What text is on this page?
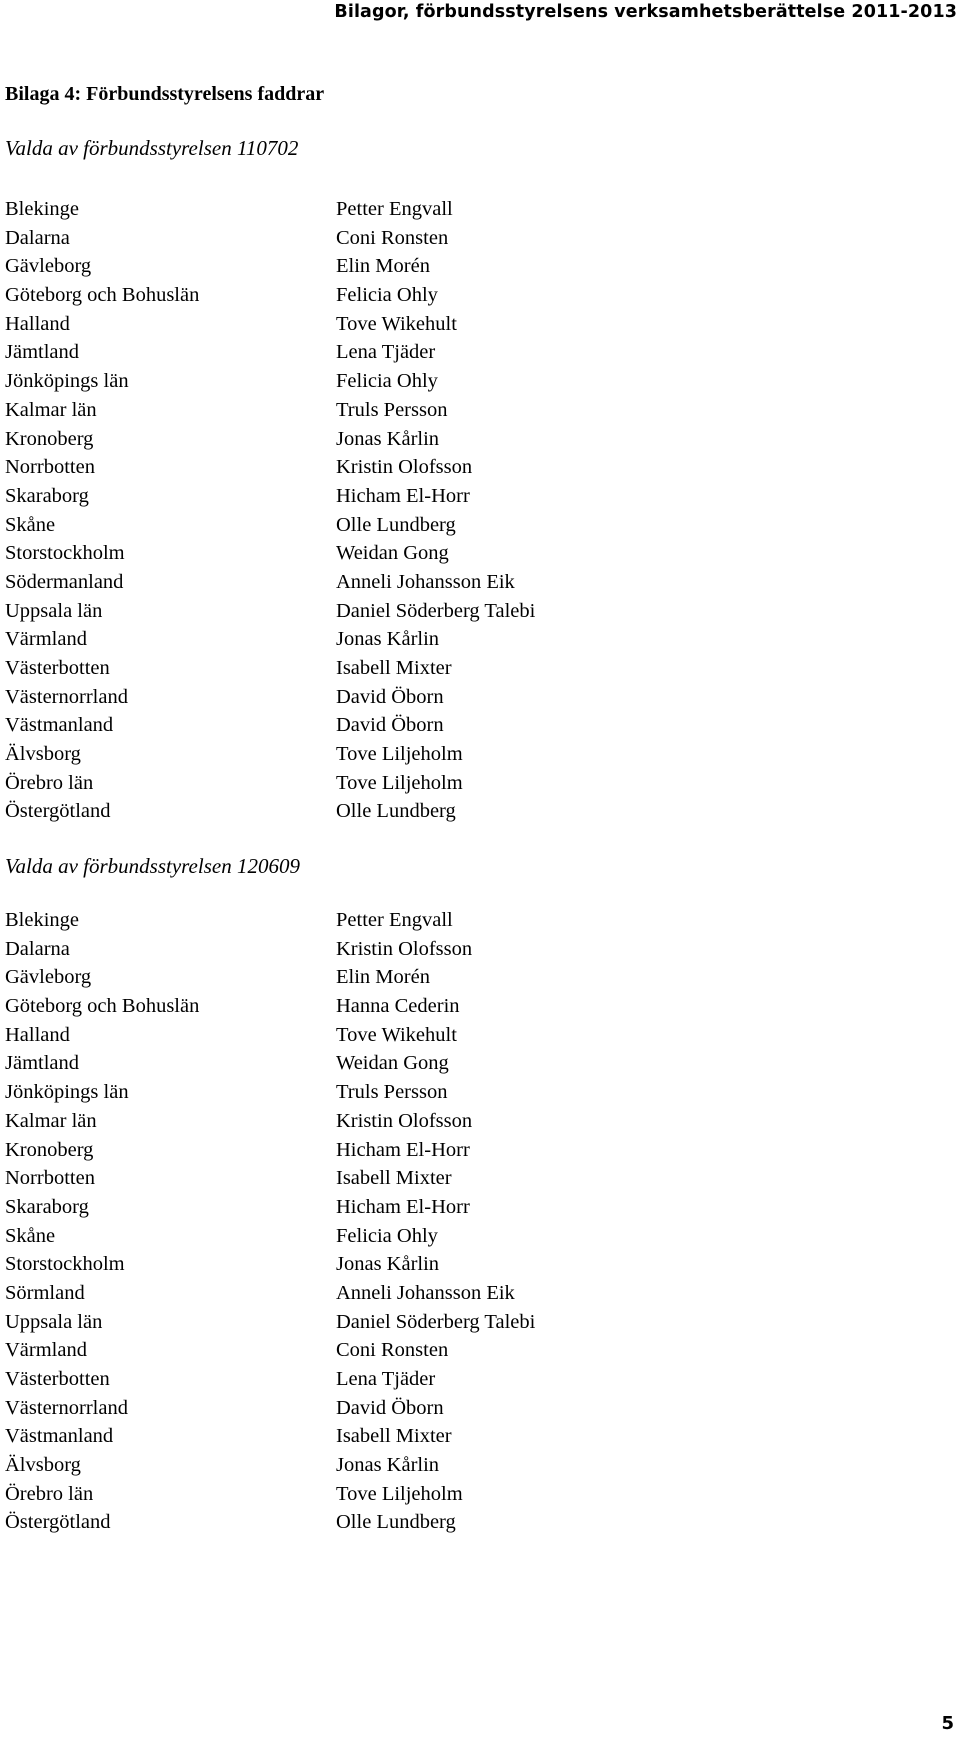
Bilagor, förbundsstyrelsens verksamhetsberättelse 2011-2013
Bilaga 4: Förbundsstyrelsens faddrar
Valda av förbundsstyrelsen 110702
Blekinge	Petter Engvall
Dalarna	Coni Ronsten
Gävleborg	Elin Morén
Göteborg och Bohuslän	Felicia Ohly
Halland	Tove Wikehult
Jämtland	Lena Tjäder
Jönköpings län	Felicia Ohly
Kalmar län	Truls Persson
Kronoberg	Jonas Kårlin
Norrbotten	Kristin Olofsson
Skaraborg	Hicham El-Horr
Skåne	Olle Lundberg
Storstockholm	Weidan Gong
Södermanland	Anneli Johansson Eik
Uppsala län	Daniel Söderberg Talebi
Värmland	Jonas Kårlin
Västerbotten	Isabell Mixter
Västernorrland	David Öborn
Västmanland	David Öborn
Älvsborg	Tove Liljeholm
Örebro län	Tove Liljeholm
Östergötland	Olle Lundberg
Valda av förbundsstyrelsen 120609
Blekinge	Petter Engvall
Dalarna	Kristin Olofsson
Gävleborg	Elin Morén
Göteborg och Bohuslän	Hanna Cederin
Halland	Tove Wikehult
Jämtland	Weidan Gong
Jönköpings län	Truls Persson
Kalmar län	Kristin Olofsson
Kronoberg	Hicham El-Horr
Norrbotten	Isabell Mixter
Skaraborg	Hicham El-Horr
Skåne	Felicia Ohly
Storstockholm	Jonas Kårlin
Sörmland	Anneli Johansson Eik
Uppsala län	Daniel Söderberg Talebi
Värmland	Coni Ronsten
Västerbotten	Lena Tjäder
Västernorrland	David Öborn
Västmanland	Isabell Mixter
Älvsborg	Jonas Kårlin
Örebro län	Tove Liljeholm
Östergötland	Olle Lundberg
5
